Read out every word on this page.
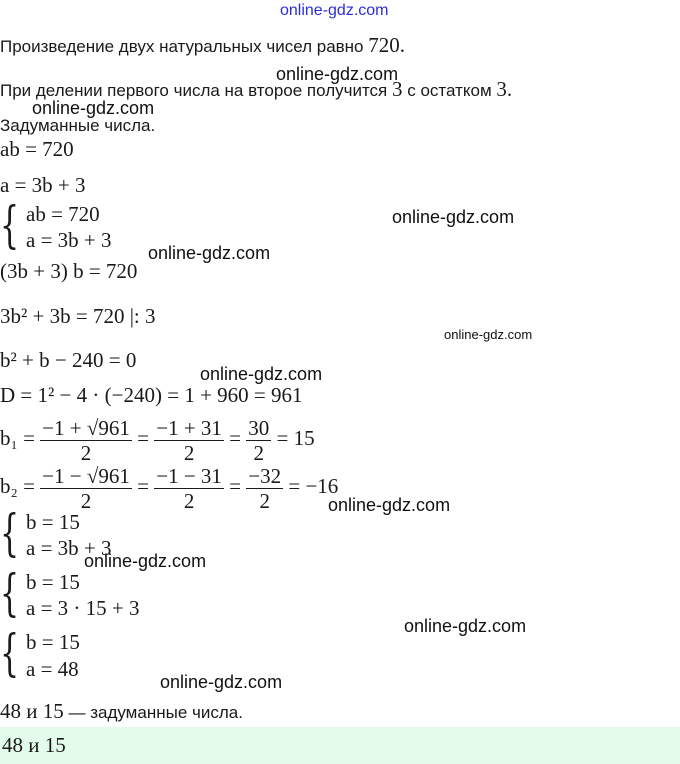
online-gdz.com
Произведение двух натуральных чисел равно 720.
При делении первого числа на второе получится 3 с остатком 3.
Задуманные числа.
ab = 720
a = 3b + 3
{ ab = 720
a = 3b + 3
(3b + 3) b = 720
3b² + 3b = 720 |: 3
b² + b − 240 = 0
D = 1² − 4 · (−240) = 1 + 960 = 961
$b_1 = \frac{-1 + √961}{2} = \frac{-1 + 31}{2} = \frac{30}{2} = 15$
$b_2 = \frac{-1 - √961}{2} = \frac{-1 - 31}{2} = \frac{-32}{2} = -16$
{ b = 15
a = 3b + 3
{ b = 15
a = 3 · 15 + 3
{ b = 15
a = 48
48 и 15 — задуманные числа.
48 и 15
online-gdz.com
online-gdz.com
online-gdz.com
online-gdz.com
online-gdz.com
online-gdz.com
online-gdz.com
online-gdz.com
online-gdz.com
online-gdz.com
